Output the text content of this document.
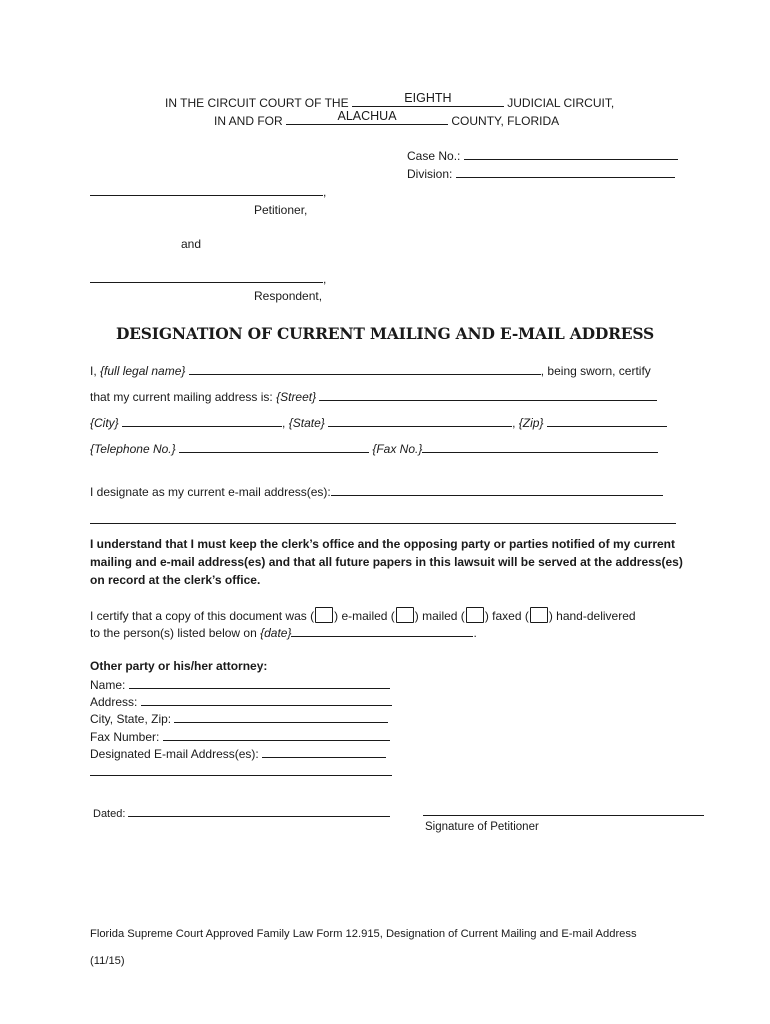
IN THE CIRCUIT COURT OF THE	EIGHTH	JUDICIAL CIRCUIT,
IN AND FOR	ALACHUA	COUNTY, FLORIDA
Case No.:
Division:
,
Petitioner,
and
,
Respondent,
DESIGNATION OF CURRENT MAILING AND E-MAIL ADDRESS
I, {full legal name}	, being sworn, certify
that my current mailing address is: {Street}
{City}	, {State}	, {Zip}
{Telephone No.}	{Fax No.}
I designate as my current e-mail address(es):
I understand that I must keep the clerk’s office and the opposing party or parties notified of my current mailing and e-mail address(es) and that all future papers in this lawsuit will be served at the address(es) on record at the clerk’s office.
I certify that a copy of this document was ( ) e-mailed ( ) mailed ( ) faxed ( ) hand-delivered
to the person(s) listed below on {date}	.
Other party or his/her attorney:
Name:
Address:
City, State, Zip:
Fax Number:
Designated E-mail Address(es):
Dated:
Signature of Petitioner
Florida Supreme Court Approved Family Law Form 12.915, Designation of Current Mailing and E-mail Address
(11/15)
